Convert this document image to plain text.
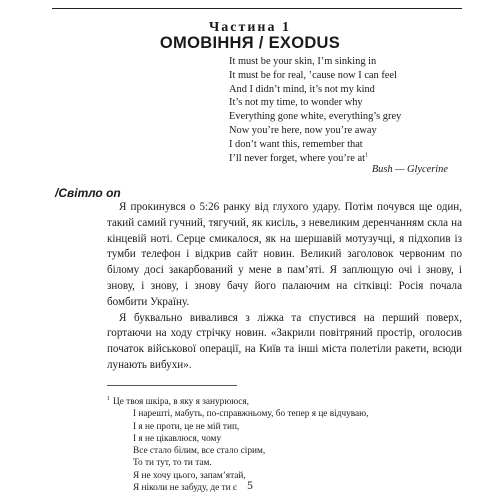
Частина 1
ОМОВІННЯ / EXODUS
It must be your skin, I’m sinking in
It must be for real, ’cause now I can feel
And I didn’t mind, it’s not my kind
It’s not my time, to wonder why
Everything gone white, everything’s grey
Now you’re here, now you’re away
I don’t want this, remember that
I’ll never forget, where you’re $at^1$
Bush — Glycerine
/Світло on

Я прокинувся о 5:26 ранку від глухого удару. Потім почувся ще один, такий самий гучний, тягучий, як кисіль, з невеликим деренчанням скла на кінцевій ноті. Серце смикалося, як на шершавій мотузучці, я підхопив із тумби телефон і відкрив сайт новин. Великий заголовок червоним по білому досі закарбований у мене в пам’яті. Я заплющую очі і знову, і знову, і знову, і знову бачу його палаючим на сітківці: Росія почала бомбити Україну.

Я буквально вивалився з ліжка та спустився на перший поверх, гортаючи на ходу стрічку новин. «Закрили повітряний простір, оголосив початок військової операції, на Київ та інші міста полетіли ракети, всюди лунають вибухи».

$^1$ Це твоя шкіра, в яку я занурююся,
І нарешті, мабуть, по-справжньому, бо тепер я це відчуваю,
І я не проти, це не мій тип,
І я не цікавлюся, чому
Все стало білим, все стало сірим,
То ти тут, то ти там.
Я не хочу цього, запам’ятай,
Я ніколи не забуду, де ти є 5
